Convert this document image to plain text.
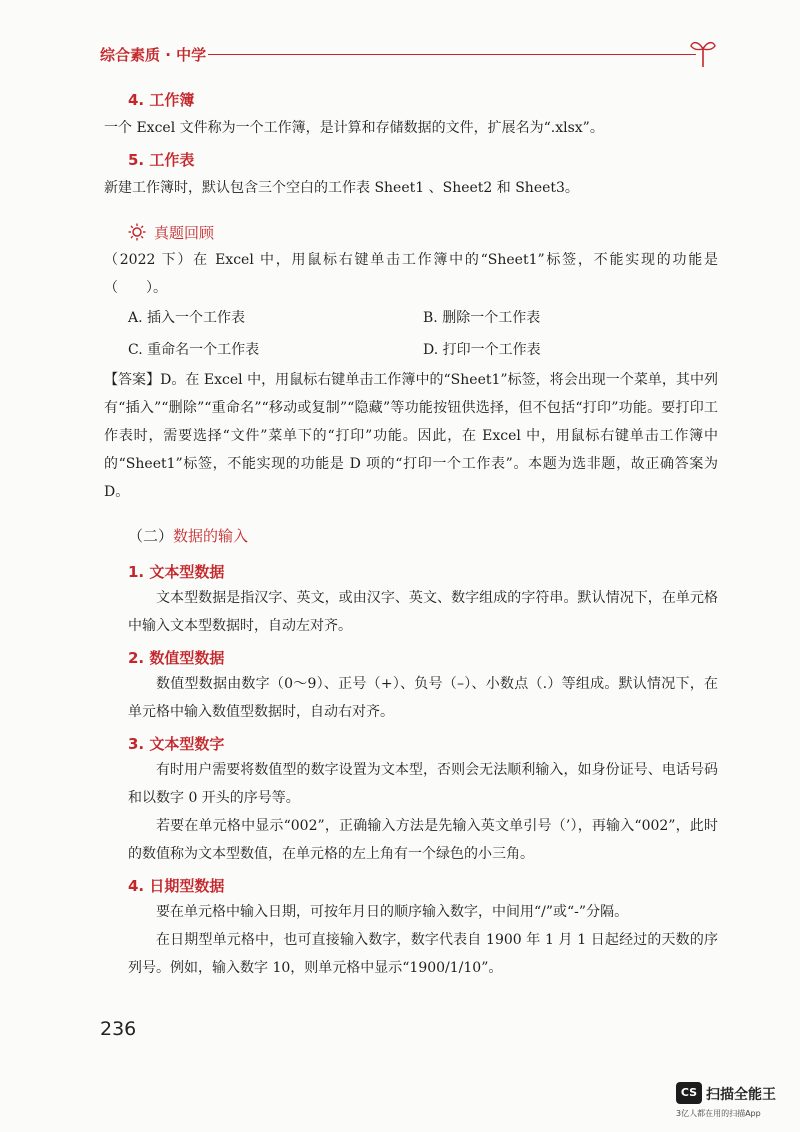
综合素质 · 中学
4. 工作簿

一个 Excel 文件称为一个工作簿，是计算和存储数据的文件，扩展名为“.xlsx”。

5. 工作表

新建工作簿时，默认包含三个空白的工作表 Sheet1 、Sheet2 和 Sheet3。

真题回顾

（2022 下）在 Excel 中，用鼠标右键单击工作簿中的“Sheet1”标签，不能实现的功能是（　　）。

A. 插入一个工作表	B. 删除一个工作表
C. 重命名一个工作表	D. 打印一个工作表

【答案】D。在 Excel 中，用鼠标右键单击工作簿中的“Sheet1”标签，将会出现一个菜单，其中列有“插入”“删除”“重命名”“移动或复制”“隐藏”等功能按钮供选择，但不包括“打印”功能。要打印工作表时，需要选择“文件”菜单下的“打印”功能。因此，在 Excel 中，用鼠标右键单击工作簿中的“Sheet1”标签，不能实现的功能是 D 项的“打印一个工作表”。本题为选非题，故正确答案为 D。

（二）数据的输入

1. 文本型数据

文本型数据是指汉字、英文，或由汉字、英文、数字组成的字符串。默认情况下，在单元格中输入文本型数据时，自动左对齐。

2. 数值型数据

数值型数据由数字（0～9）、正号（+）、负号（–）、小数点（.）等组成。默认情况下，在单元格中输入数值型数据时，自动右对齐。

3. 文本型数字

有时用户需要将数值型的数字设置为文本型，否则会无法顺利输入，如身份证号、电话号码和以数字 0 开头的序号等。

若要在单元格中显示“002”，正确输入方法是先输入英文单引号（’），再输入“002”，此时的数值称为文本型数值，在单元格的左上角有一个绿色的小三角。

4. 日期型数据

要在单元格中输入日期，可按年月日的顺序输入数字，中间用“/”或“-”分隔。

在日期型单元格中，也可直接输入数字，数字代表自 1900 年 1 月 1 日起经过的天数的序列号。例如，输入数字 10，则单元格中显示“1900/1/10”。

236
CS 扫描全能王
3亿人都在用的扫描App
